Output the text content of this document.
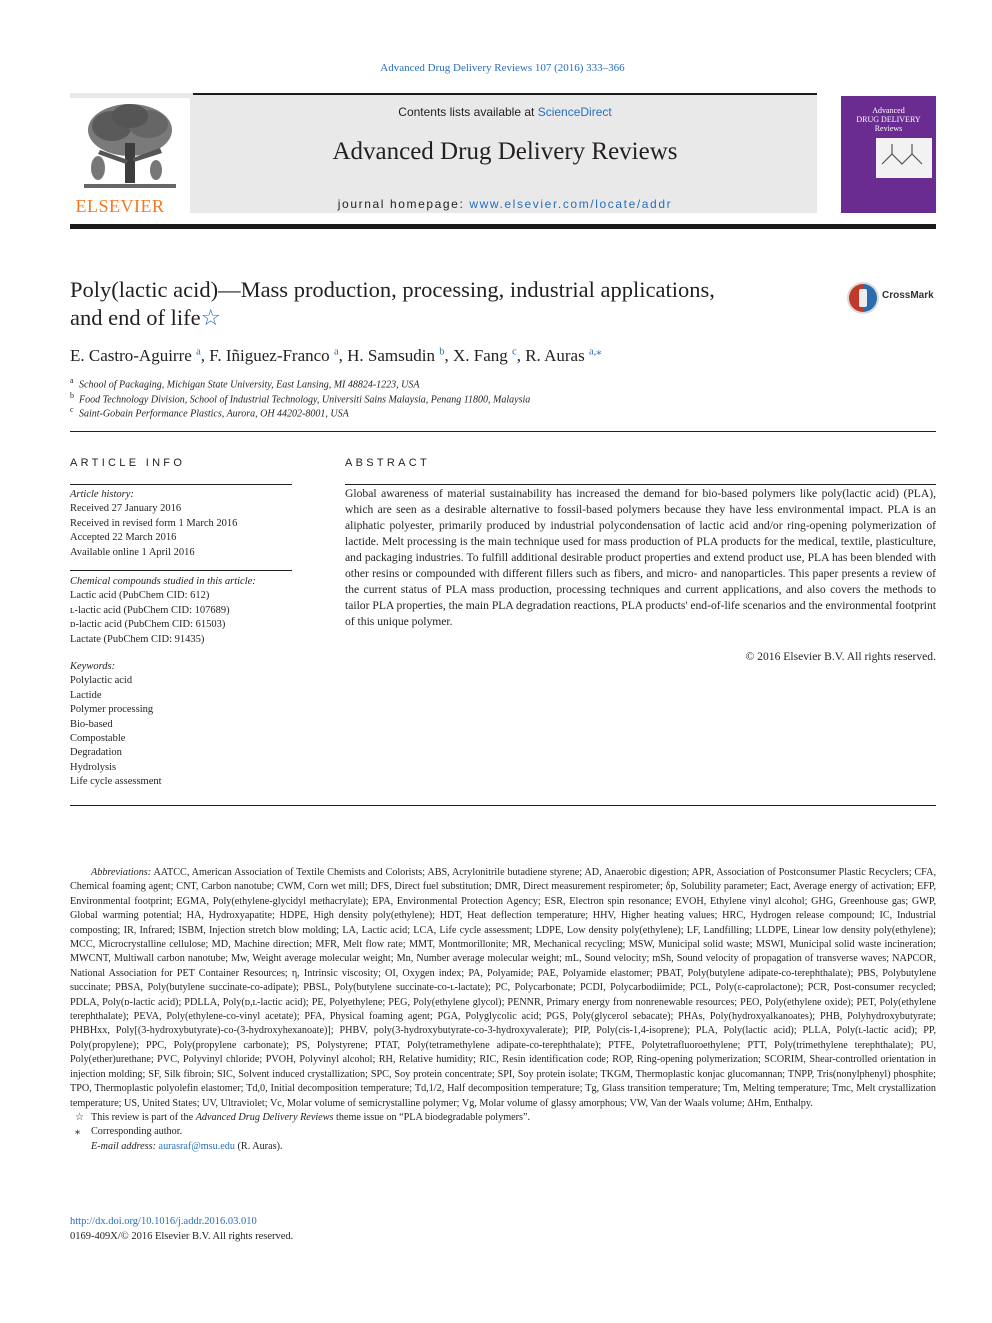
Advanced Drug Delivery Reviews 107 (2016) 333–366
ELSEVIER
Contents lists available at ScienceDirect
Advanced Drug Delivery Reviews
journal homepage: www.elsevier.com/locate/addr
Advanced
DRUG DELIVERY
Reviews
Poly(lactic acid)—Mass production, processing, industrial applications,
and end of life☆
CrossMark
E. Castro-Aguirre $^a$, F. Iñiguez-Franco $^a$, H. Samsudin $^b$, X. Fang $^c$, R. Auras $^{a,⁎}$
a School of Packaging, Michigan State University, East Lansing, MI 48824-1223, USA
b Food Technology Division, School of Industrial Technology, Universiti Sains Malaysia, Penang 11800, Malaysia
c Saint-Gobain Performance Plastics, Aurora, OH 44202-8001, USA
ARTICLE INFO
Article history:
Received 27 January 2016
Received in revised form 1 March 2016
Accepted 22 March 2016
Available online 1 April 2016
Chemical compounds studied in this article:
Lactic acid (PubChem CID: 612)
ʟ-lactic acid (PubChem CID: 107689)
ᴅ-lactic acid (PubChem CID: 61503)
Lactate (PubChem CID: 91435)
Keywords:
Polylactic acid
Lactide
Polymer processing
Bio-based
Compostable
Degradation
Hydrolysis
Life cycle assessment
ABSTRACT
Global awareness of material sustainability has increased the demand for bio-based polymers like poly(lactic acid) (PLA), which are seen as a desirable alternative to fossil-based polymers because they have less environmental impact. PLA is an aliphatic polyester, primarily produced by industrial polycondensation of lactic acid and/or ring-opening polymerization of lactide. Melt processing is the main technique used for mass production of PLA products for the medical, textile, plasticulture, and packaging industries. To fulfill additional desirable product properties and extend product use, PLA has been blended with other resins or compounded with different fillers such as fibers, and micro- and nanoparticles. This paper presents a review of the current status of PLA mass production, processing techniques and current applications, and also covers the methods to tailor PLA properties, the main PLA degradation reactions, PLA products' end-of-life scenarios and the environmental footprint of this unique polymer.
© 2016 Elsevier B.V. All rights reserved.

Abbreviations: AATCC, American Association of Textile Chemists and Colorists; ABS, Acrylonitrile butadiene styrene; AD, Anaerobic digestion; APR, Association of Postconsumer Plastic Recyclers; CFA, Chemical foaming agent; CNT, Carbon nanotube; CWM, Corn wet mill; DFS, Direct fuel substitution; DMR, Direct measurement respirometer; δp, Solubility parameter; Eact, Average energy of activation; EFP, Environmental footprint; EGMA, Poly(ethylene-glycidyl methacrylate); EPA, Environmental Protection Agency; ESR, Electron spin resonance; EVOH, Ethylene vinyl alcohol; GHG, Greenhouse gas; GWP, Global warming potential; HA, Hydroxyapatite; HDPE, High density poly(ethylene); HDT, Heat deflection temperature; HHV, Higher heating values; HRC, Hydrogen release compound; IC, Industrial composting; IR, Infrared; ISBM, Injection stretch blow molding; LA, Lactic acid; LCA, Life cycle assessment; LDPE, Low density poly(ethylene); LF, Landfilling; LLDPE, Linear low density poly(ethylene); MCC, Microcrystalline cellulose; MD, Machine direction; MFR, Melt flow rate; MMT, Montmorillonite; MR, Mechanical recycling; MSW, Municipal solid waste; MSWI, Municipal solid waste incineration; MWCNT, Multiwall carbon nanotube; Mw, Weight average molecular weight; Mn, Number average molecular weight; mL, Sound velocity; mSh, Sound velocity of propagation of transverse waves; NAPCOR, National Association for PET Container Resources; η, Intrinsic viscosity; OI, Oxygen index; PA, Polyamide; PAE, Polyamide elastomer; PBAT, Poly(butylene adipate-co-terephthalate); PBS, Polybutylene succinate; PBSA, Poly(butylene succinate-co-adipate); PBSL, Poly(butylene succinate-co-ʟ-lactate); PC, Polycarbonate; PCDI, Polycarbodiimide; PCL, Poly(ε-caprolactone); PCR, Post-consumer recycled; PDLA, Poly(ᴅ-lactic acid); PDLLA, Poly(ᴅ,ʟ-lactic acid); PE, Polyethylene; PEG, Poly(ethylene glycol); PENNR, Primary energy from nonrenewable resources; PEO, Poly(ethylene oxide); PET, Poly(ethylene terephthalate); PEVA, Poly(ethylene-co-vinyl acetate); PFA, Physical foaming agent; PGA, Polyglycolic acid; PGS, Poly(glycerol sebacate); PHAs, Poly(hydroxyalkanoates); PHB, Polyhydroxybutyrate; PHBHxx, Poly[(3-hydroxybutyrate)-co-(3-hydroxyhexanoate)]; PHBV, poly(3-hydroxybutyrate-co-3-hydroxyvalerate); PIP, Poly(cis-1,4-isoprene); PLA, Poly(lactic acid); PLLA, Poly(ʟ-lactic acid); PP, Poly(propylene); PPC, Poly(propylene carbonate); PS, Polystyrene; PTAT, Poly(tetramethylene adipate-co-terephthalate); PTFE, Polytetrafluoroethylene; PTT, Poly(trimethylene terephthalate); PU, Poly(ether)urethane; PVC, Polyvinyl chloride; PVOH, Polyvinyl alcohol; RH, Relative humidity; RIC, Resin identification code; ROP, Ring-opening polymerization; SCORIM, Shear-controlled orientation in injection molding; SF, Silk fibroin; SIC, Solvent induced crystallization; SPC, Soy protein concentrate; SPI, Soy protein isolate; TKGM, Thermoplastic konjac glucomannan; TNPP, Tris(nonylphenyl) phosphite; TPO, Thermoplastic polyolefin elastomer; Td,0, Initial decomposition temperature; Td,1/2, Half decomposition temperature; Tg, Glass transition temperature; Tm, Melting temperature; Tmc, Melt crystallization temperature; US, United States; UV, Ultraviolet; Vc, Molar volume of semicrystalline polymer; Vg, Molar volume of glassy amorphous; VW, Van der Waals volume; ΔHm, Enthalpy.

☆ This review is part of the Advanced Drug Delivery Reviews theme issue on “PLA biodegradable polymers”.

⁎ Corresponding author.

E-mail address: aurasraf@msu.edu (R. Auras).

http://dx.doi.org/10.1016/j.addr.2016.03.010
0169-409X/© 2016 Elsevier B.V. All rights reserved.
